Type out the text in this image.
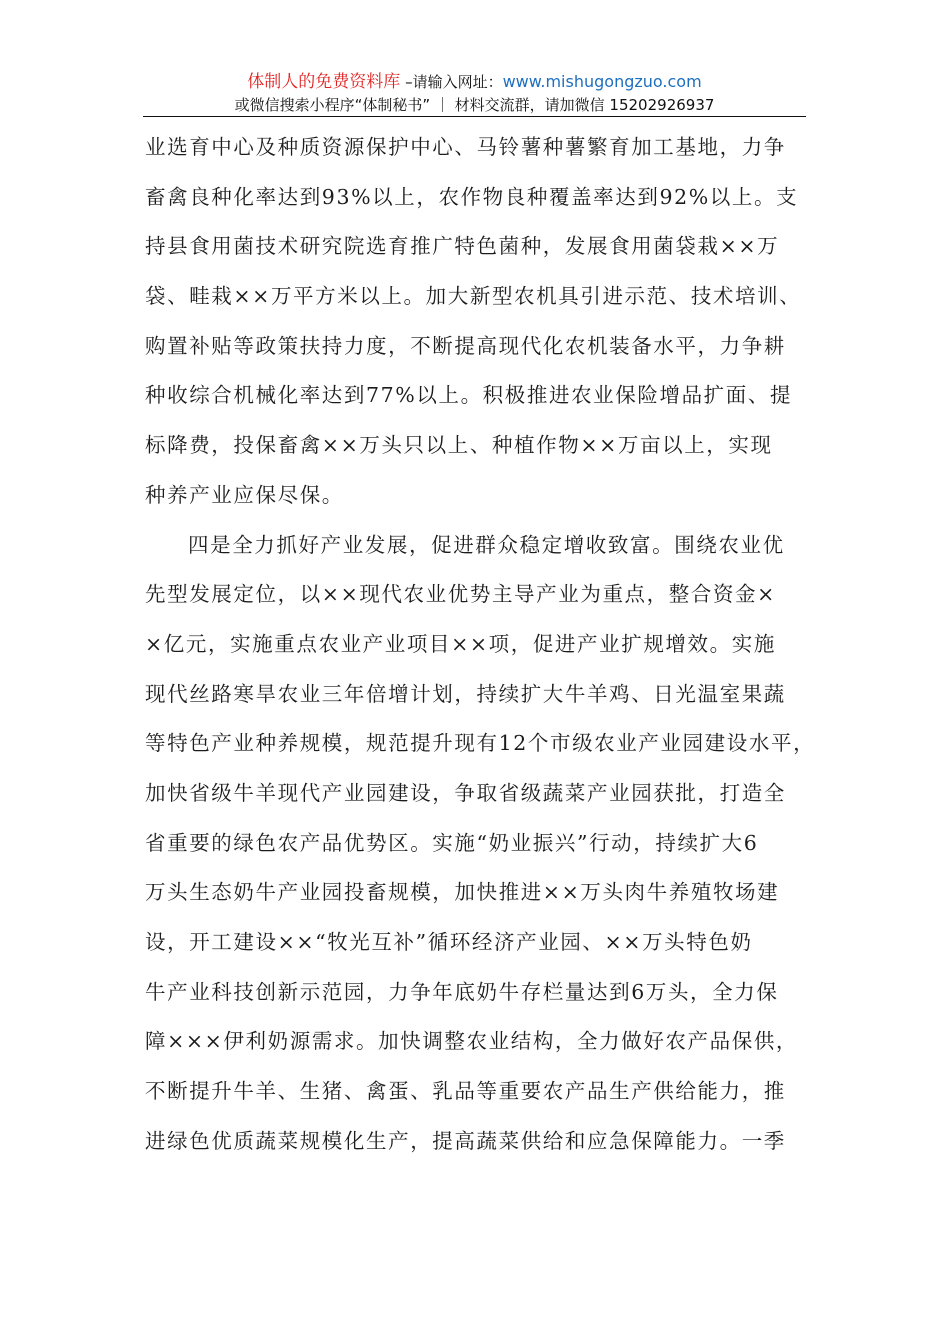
体制人的免费资料库 –请输入网址：www.mishugongzuo.com
或微信搜索小程序“体制秘书” ｜ 材料交流群，请加微信 15202926937
业选育中心及种质资源保护中心、马铃薯种薯繁育加工基地，力争
畜禽良种化率达到93%以上，农作物良种覆盖率达到92%以上。支
持县食用菌技术研究院选育推广特色菌种，发展食用菌袋栽××万
袋、畦栽××万平方米以上。加大新型农机具引进示范、技术培训、
购置补贴等政策扶持力度，不断提高现代化农机装备水平，力争耕
种收综合机械化率达到77%以上。积极推进农业保险增品扩面、提
标降费，投保畜禽××万头只以上、种植作物××万亩以上，实现
种养产业应保尽保。
四是全力抓好产业发展，促进群众稳定增收致富。围绕农业优
先型发展定位，以××现代农业优势主导产业为重点，整合资金×
×亿元，实施重点农业产业项目××项，促进产业扩规增效。实施
现代丝路寒旱农业三年倍增计划，持续扩大牛羊鸡、日光温室果蔬
等特色产业种养规模，规范提升现有12个市级农业产业园建设水平，
加快省级牛羊现代产业园建设，争取省级蔬菜产业园获批，打造全
省重要的绿色农产品优势区。实施“奶业振兴”行动，持续扩大6
万头生态奶牛产业园投畜规模，加快推进××万头肉牛养殖牧场建
设，开工建设××“牧光互补”循环经济产业园、××万头特色奶
牛产业科技创新示范园，力争年底奶牛存栏量达到6万头，全力保
障×××伊利奶源需求。加快调整农业结构，全力做好农产品保供，
不断提升牛羊、生猪、禽蛋、乳品等重要农产品生产供给能力，推
进绿色优质蔬菜规模化生产，提高蔬菜供给和应急保障能力。一季
